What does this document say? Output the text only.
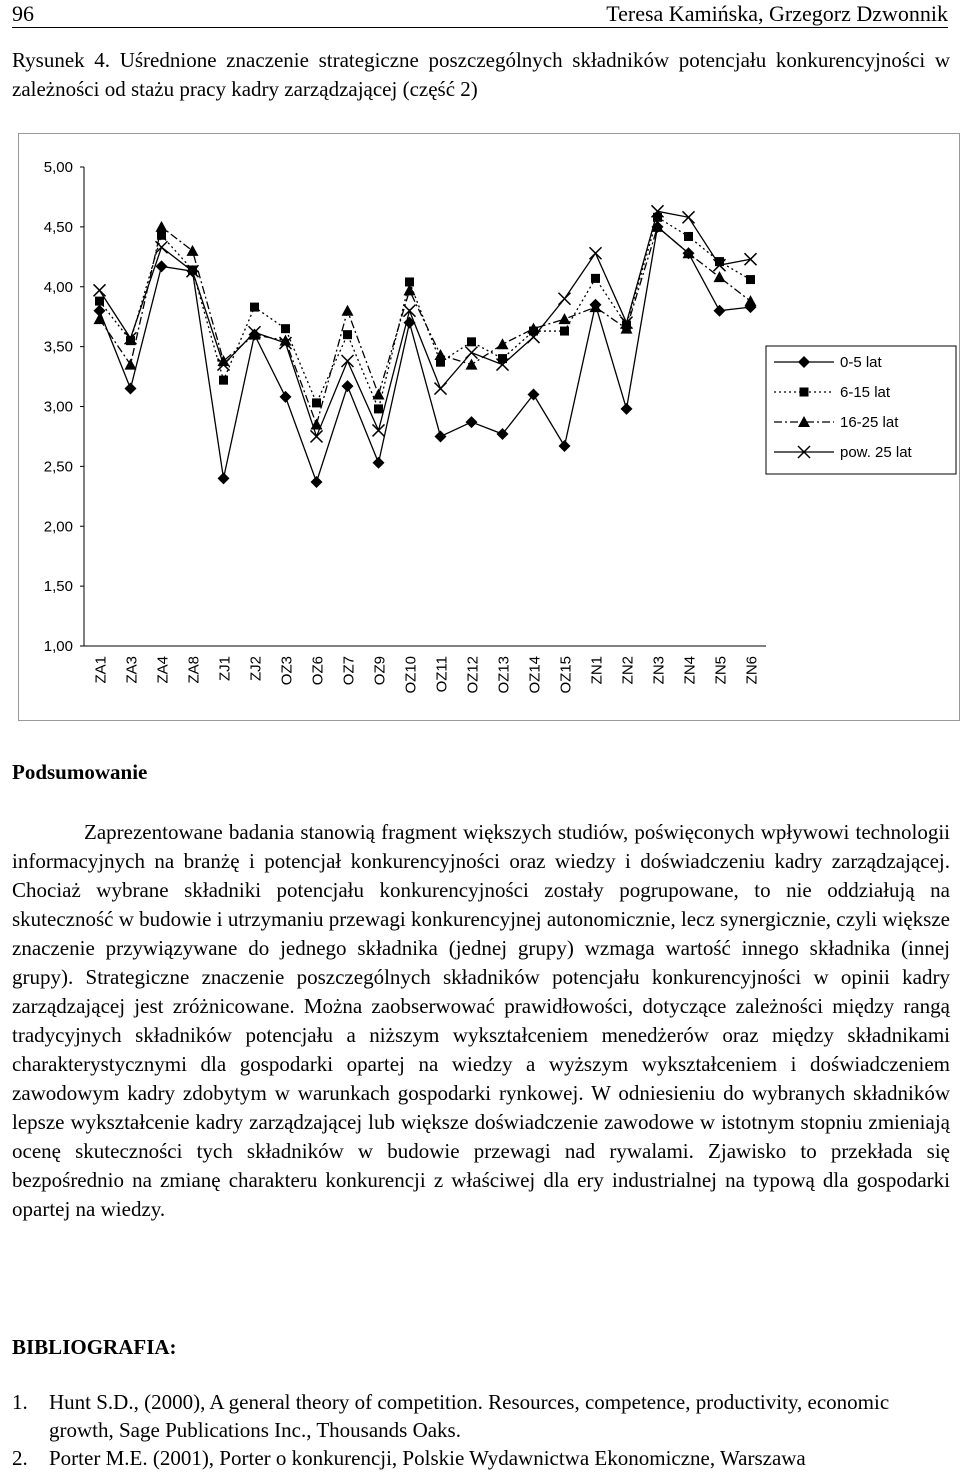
96	Teresa Kamińska, Grzegorz Dzwonnik
Rysunek 4. Uśrednione znaczenie strategiczne poszczególnych składników potencjału konkurencyjności w zależności od stażu pracy kadry zarządzającej (część 2)
1,00
1,50
2,00
2,50
3,00
3,50
4,00
4,50
5,00
ZA1 ZA3 ZA4 ZA8 ZJ1 ZJ2 OZ3 OZ6 OZ7 OZ9 OZ10 OZ11 OZ12 OZ13 OZ14 OZ15 ZN1 ZN2 ZN3 ZN4 ZN5 ZN6
0-5 lat
6-15 lat
16-25 lat
pow. 25 lat
Podsumowanie

Zaprezentowane badania stanowią fragment większych studiów, poświęconych wpływowi technologii informacyjnych na branżę i potencjał konkurencyjności oraz wiedzy i doświadczeniu kadry zarządzającej. Chociaż wybrane składniki potencjału konkurencyjności zostały pogrupowane, to nie oddziałują na skuteczność w budowie i utrzymaniu przewagi konkurencyjnej autonomicznie, lecz synergicznie, czyli większe znaczenie przywiązywane do jednego składnika (jednej grupy) wzmaga wartość innego składnika (innej grupy). Strategiczne znaczenie poszczególnych składników potencjału konkurencyjności w opinii kadry zarządzającej jest zróżnicowane. Można zaobserwować prawidłowości, dotyczące zależności między rangą tradycyjnych składników potencjału a niższym wykształceniem menedżerów oraz między składnikami charakterystycznymi dla gospodarki opartej na wiedzy a wyższym wykształceniem i doświadczeniem zawodowym kadry zdobytym w warunkach gospodarki rynkowej. W odniesieniu do wybranych składników lepsze wykształcenie kadry zarządzającej lub większe doświadczenie zawodowe w istotnym stopniu zmieniają ocenę skuteczności tych składników w budowie przewagi nad rywalami. Zjawisko to przekłada się bezpośrednio na zmianę charakteru konkurencji z właściwej dla ery industrialnej na typową dla gospodarki opartej na wiedzy.

BIBLIOGRAFIA:
1. Hunt S.D., (2000), A general theory of competition. Resources, competence, productivity, economic growth, Sage Publications Inc., Thousands Oaks.
2. Porter M.E. (2001), Porter o konkurencji, Polskie Wydawnictwa Ekonomiczne, Warszawa
